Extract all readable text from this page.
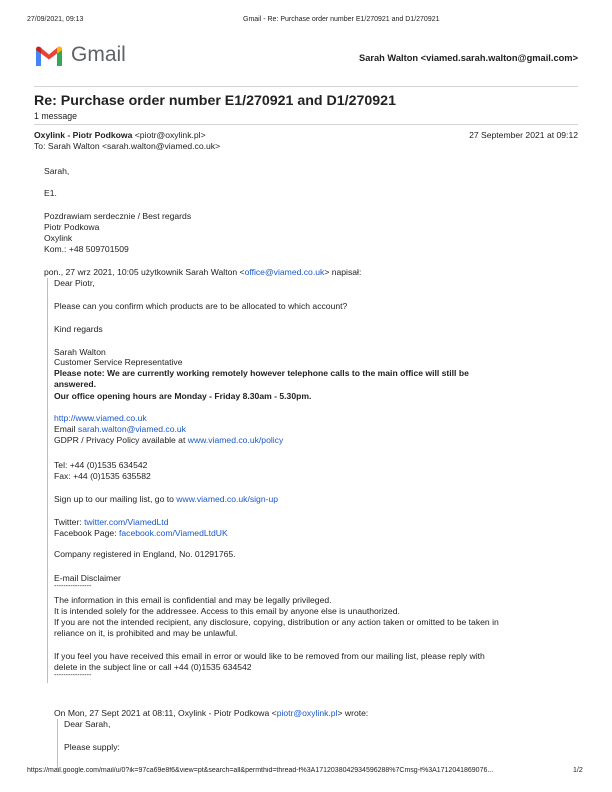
27/09/2021, 09:13	Gmail - Re: Purchase order number E1/270921 and D1/270921
Gmail	Sarah Walton <viamed.sarah.walton@gmail.com>
Re: Purchase order number E1/270921 and D1/270921
1 message
Oxylink - Piotr Podkowa <piotr@oxylink.pl>	27 September 2021 at 09:12
To: Sarah Walton <sarah.walton@viamed.co.uk>
Sarah,
E1.
Pozdrawiam serdecznie / Best regards
Piotr Podkowa
Oxylink
Kom.: +48 509701509
pon., 27 wrz 2021, 10:05 użytkownik Sarah Walton <office@viamed.co.uk> napisał:
Dear Piotr,
Please can you confirm which products are to be allocated to which account?
Kind regards
Sarah Walton
Customer Service Representative
Please note: We are currently working remotely however telephone calls to the main office will still be
answered.
Our office opening hours are Monday - Friday 8.30am - 5.30pm.
http://www.viamed.co.uk
Email sarah.walton@viamed.co.uk
GDPR / Privacy Policy available at www.viamed.co.uk/policy
Tel: +44 (0)1535 634542
Fax: +44 (0)1535 635582
Sign up to our mailing list, go to www.viamed.co.uk/sign-up
Twitter: twitter.com/ViamedLtd
Facebook Page: facebook.com/ViamedLtdUK
Company registered in England, No. 01291765.
E-mail Disclaimer
----------------
The information in this email is confidential and may be legally privileged.
It is intended solely for the addressee. Access to this email by anyone else is unauthorized.
If you are not the intended recipient, any disclosure, copying, distribution or any action taken or omitted to be taken in
reliance on it, is prohibited and may be unlawful.
If you feel you have received this email in error or would like to be removed from our mailing list, please reply with
delete in the subject line or call +44 (0)1535 634542
----------------
On Mon, 27 Sept 2021 at 08:11, Oxylink - Piotr Podkowa <piotr@oxylink.pl> wrote:
Dear Sarah,
Please supply:
https://mail.google.com/mail/u/0?ik=97ca69e8f6&view=pt&search=all&permthid=thread-f%3A1712038042934596288%7Cmsg-f%3A1712041869076...	1/2
